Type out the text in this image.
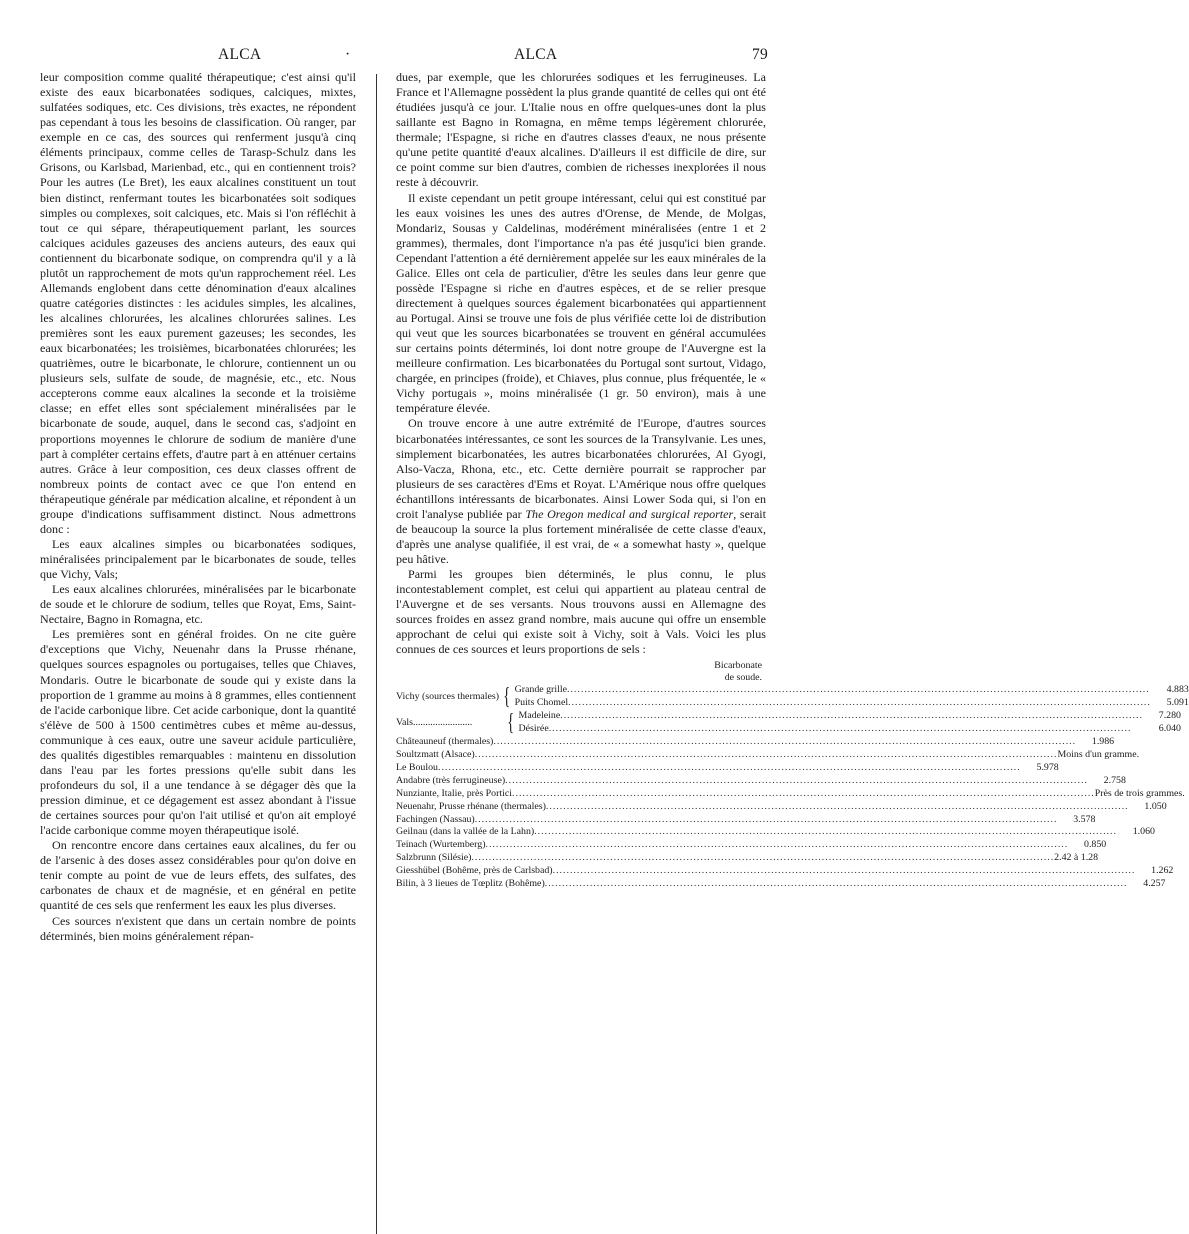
ALCA	·	ALCA	79

leur composition comme qualité thérapeutique; c'est ainsi qu'il existe des eaux bicarbonatées sodiques, calciques, mixtes, sulfatées sodiques, etc. Ces divisions, très exactes, ne répondent pas cependant à tous les besoins de classification. Où ranger, par exemple en ce cas, des sources qui renferment jusqu'à cinq éléments principaux, comme celles de Tarasp-Schulz dans les Grisons, ou Karlsbad, Marienbad, etc., qui en contiennent trois? Pour les autres (Le Bret), les eaux alcalines constituent un tout bien distinct, renfermant toutes les bicarbonatées soit sodiques simples ou complexes, soit calciques, etc. Mais si l'on réfléchit à tout ce qui sépare, thérapeutiquement parlant, les sources calciques acidules gazeuses des anciens auteurs, des eaux qui contiennent du bicarbonate sodique, on comprendra qu'il y a là plutôt un rapprochement de mots qu'un rapprochement réel. Les Allemands englobent dans cette dénomination d'eaux alcalines quatre catégories distinctes : les acidules simples, les alcalines, les alcalines chlorurées, les alcalines chlorurées salines. Les premières sont les eaux purement gazeuses; les secondes, les eaux bicarbonatées; les troisièmes, bicarbonatées chlorurées; les quatrièmes, outre le bicarbonate, le chlorure, contiennent un ou plusieurs sels, sulfate de soude, de magnésie, etc., etc. Nous accepterons comme eaux alcalines la seconde et la troisième classe; en effet elles sont spécialement minéralisées par le bicarbonate de soude, auquel, dans le second cas, s'adjoint en proportions moyennes le chlorure de sodium de manière d'une part à compléter certains effets, d'autre part à en atténuer certains autres. Grâce à leur composition, ces deux classes offrent de nombreux points de contact avec ce que l'on entend en thérapeutique générale par médication alcaline, et répondent à un groupe d'indications suffisamment distinct. Nous admettrons donc :

Les eaux alcalines simples ou bicarbonatées sodiques, minéralisées principalement par le bicarbonates de soude, telles que Vichy, Vals;

Les eaux alcalines chlorurées, minéralisées par le bicarbonate de soude et le chlorure de sodium, telles que Royat, Ems, Saint-Nectaire, Bagno in Romagna, etc.

Les premières sont en général froides. On ne cite guère d'exceptions que Vichy, Neuenahr dans la Prusse rhénane, quelques sources espagnoles ou portugaises, telles que Chiaves, Mondaris. Outre le bicarbonate de soude qui y existe dans la proportion de 1 gramme au moins à 8 grammes, elles contiennent de l'acide carbonique libre. Cet acide carbonique, dont la quantité s'élève de 500 à 1500 centimètres cubes et même au-dessus, communique à ces eaux, outre une saveur acidule particulière, des qualités digestibles remarquables : maintenu en dissolution dans l'eau par les fortes pressions qu'elle subit dans les profondeurs du sol, il a une tendance à se dégager dès que la pression diminue, et ce dégagement est assez abondant à l'issue de certaines sources pour qu'on l'ait utilisé et qu'on ait employé l'acide carbonique comme moyen thérapeutique isolé.

On rencontre encore dans certaines eaux alcalines, du fer ou de l'arsenic à des doses assez considérables pour qu'on doive en tenir compte au point de vue de leurs effets, des sulfates, des carbonates de chaux et de magnésie, et en général en petite quantité de ces sels que renferment les eaux les plus diverses.

Ces sources n'existent que dans un certain nombre de points déterminés, bien moins généralement répan-

dues, par exemple, que les chlorurées sodiques et les ferrugineuses. La France et l'Allemagne possèdent la plus grande quantité de celles qui ont été étudiées jusqu'à ce jour. L'Italie nous en offre quelques-unes dont la plus saillante est Bagno in Romagna, en même temps légèrement chlorurée, thermale; l'Espagne, si riche en d'autres classes d'eaux, ne nous présente qu'une petite quantité d'eaux alcalines. D'ailleurs il est difficile de dire, sur ce point comme sur bien d'autres, combien de richesses inexplorées il nous reste à découvrir.

Il existe cependant un petit groupe intéressant, celui qui est constitué par les eaux voisines les unes des autres d'Orense, de Mende, de Molgas, Mondariz, Sousas y Caldelinas, modérément minéralisées (entre 1 et 2 grammes), thermales, dont l'importance n'a pas été jusqu'ici bien grande. Cependant l'attention a été dernièrement appelée sur les eaux minérales de la Galice. Elles ont cela de particulier, d'être les seules dans leur genre que possède l'Espagne si riche en d'autres espèces, et de se relier presque directement à quelques sources également bicarbonatées qui appartiennent au Portugal. Ainsi se trouve une fois de plus vérifiée cette loi de distribution qui veut que les sources bicarbonatées se trouvent en général accumulées sur certains points déterminés, loi dont notre groupe de l'Auvergne est la meilleure confirmation. Les bicarbonatées du Portugal sont surtout, Vidago, chargée, en principes (froide), et Chiaves, plus connue, plus fréquentée, le « Vichy portugais », moins minéralisée (1 gr. 50 environ), mais à une température élevée.

On trouve encore à une autre extrémité de l'Europe, d'autres sources bicarbonatées intéressantes, ce sont les sources de la Transylvanie. Les unes, simplement bicarbonatées, les autres bicarbonatées chlorurées, Al Gyogi, Also-Vacza, Rhona, etc., etc. Cette dernière pourrait se rapprocher par plusieurs de ses caractères d'Ems et Royat. L'Amérique nous offre quelques échantillons intéressants de bicarbonates. Ainsi Lower Soda qui, si l'on en croit l'analyse publiée par The Oregon medical and surgical reporter, serait de beaucoup la source la plus fortement minéralisée de cette classe d'eaux, d'après une analyse qualifiée, il est vrai, de « a somewhat hasty », quelque peu hâtive.

Parmi les groupes bien déterminés, le plus connu, le plus incontestablement complet, est celui qui appartient au plateau central de l'Auvergne et de ses versants. Nous trouvons aussi en Allemagne des sources froides en assez grand nombre, mais aucune qui offre un ensemble approchant de celui qui existe soit à Vichy, soit à Vals. Voici les plus connues de ces sources et leurs proportions de sels :

Bicarbonate
de soude.
Vichy (sources thermales) { Grande grille .....	4.883
Puits Chomel .....	5.091
Vals ........................	{ Madeleine .....	7.280
Désirée .....	6.040
Châteauneuf (thermales) .....	1.986
Soultzmatt (Alsace) .....	Moins d'un gramme.
Le Boulou .....	5.978
Andabre (très ferrugineuse) .....	2.758
Nunziante, Italie, près Portici .....	Près de trois grammes.
Neuenahr, Prusse rhénane (thermales) .....	1.050
Fachingen (Nassau) .....	3.578
Geilnau (dans la vallée de la Lahn) .....	1.060
Teinach (Wurtemberg) .....	0.850
Salzbrunn (Silésie) .....	2.42 à 1.28
Giesshübel (Bohême, près de Carlsbad) .....	1.262
Bilin, à 3 lieues de Tœplitz (Bohême) .....	4.257
